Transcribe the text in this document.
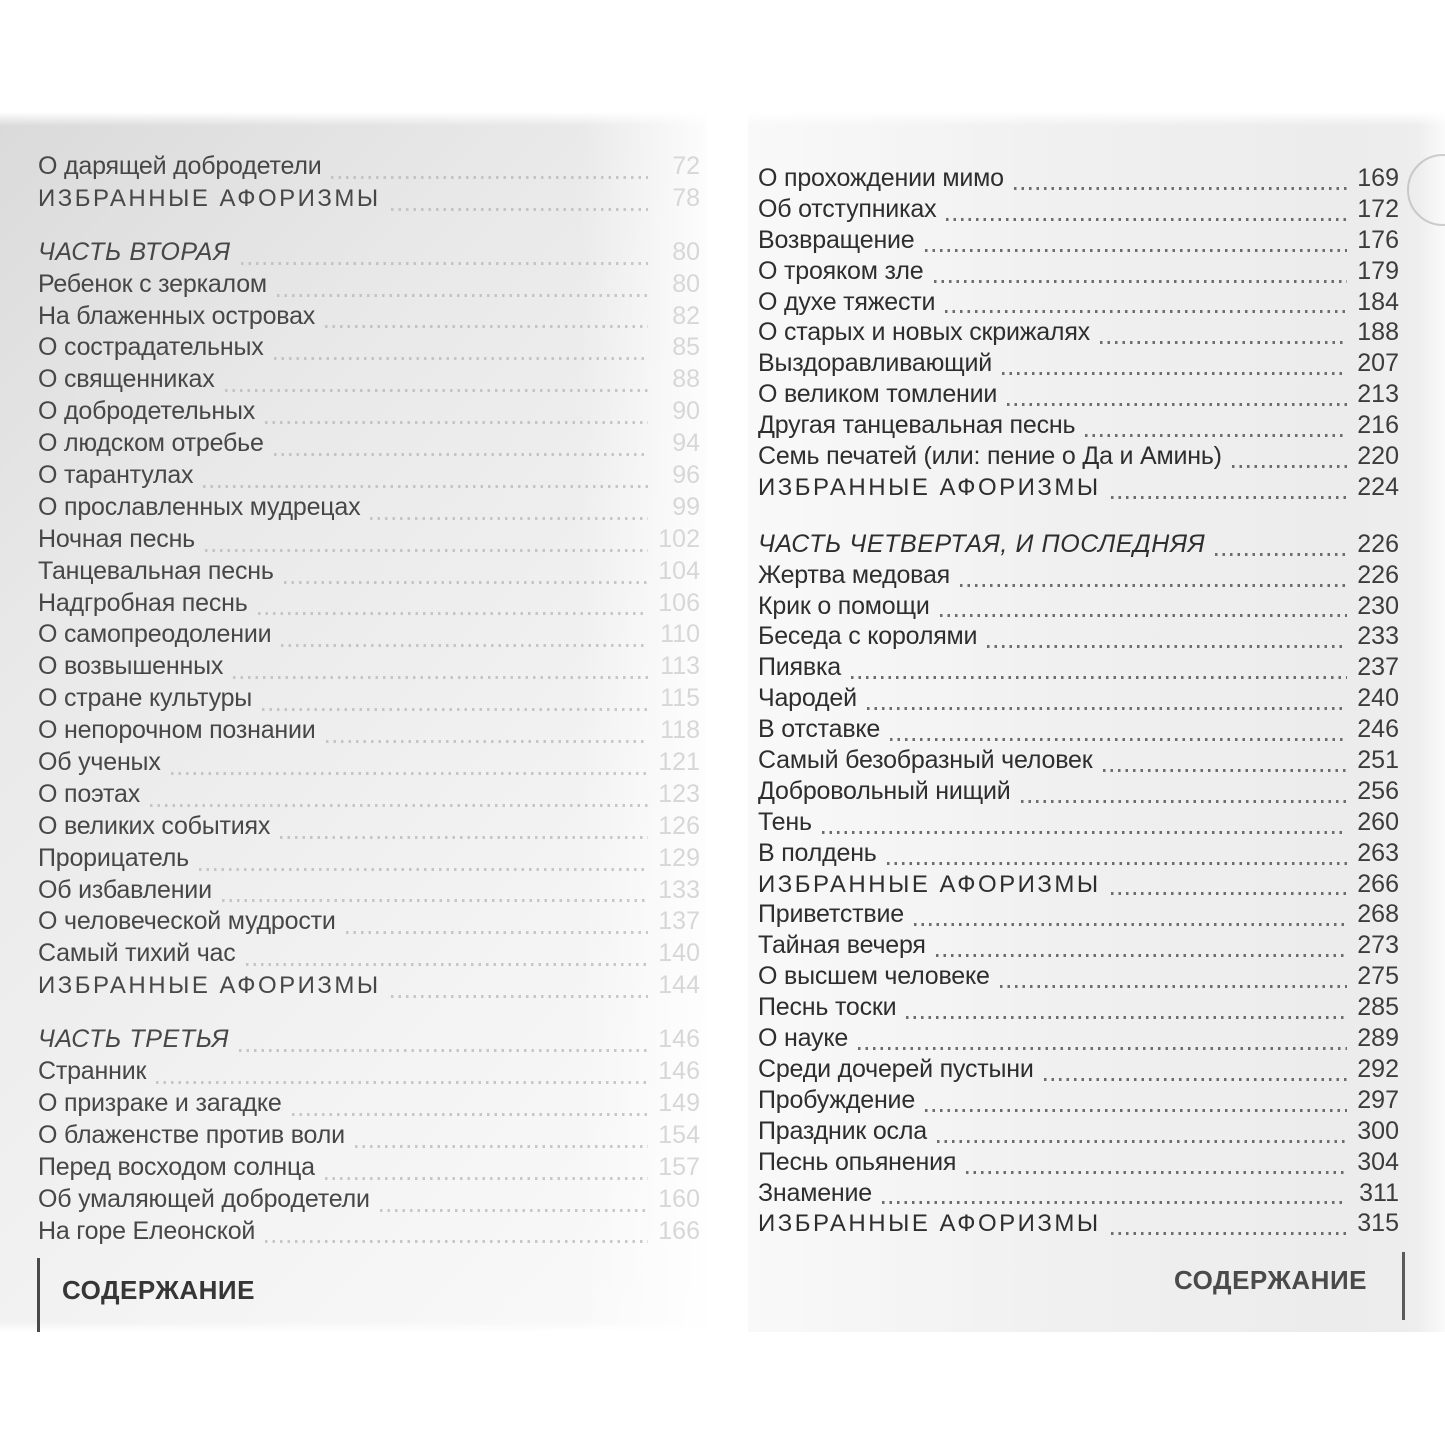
О дарящей добродетели	72
ИЗБРАННЫЕ АФОРИЗМЫ	78
ЧАСТЬ ВТОРАЯ	80
Ребенок с зеркалом	80
На блаженных островах	82
О сострадательных	85
О священниках	88
О добродетельных	90
О людском отребье	94
О тарантулах	96
О прославленных мудрецах	99
Ночная песнь	102
Танцевальная песнь	104
Надгробная песнь	106
О самопреодолении	110
О возвышенных	113
О стране культуры	115
О непорочном познании	118
Об ученых	121
О поэтах	123
О великих событиях	126
Прорицатель	129
Об избавлении	133
О человеческой мудрости	137
Самый тихий час	140
ИЗБРАННЫЕ АФОРИЗМЫ	144
ЧАСТЬ ТРЕТЬЯ	146
Странник	146
О призраке и загадке	149
О блаженстве против воли	154
Перед восходом солнца	157
Об умаляющей добродетели	160
На горе Елеонской	166
СОДЕРЖАНИЕ
О прохождении мимо	169
Об отступниках	172
Возвращение	176
О трояком зле	179
О духе тяжести	184
О старых и новых скрижалях	188
Выздоравливающий	207
О великом томлении	213
Другая танцевальная песнь	216
Семь печатей (или: пение о Да и Аминь)	220
ИЗБРАННЫЕ АФОРИЗМЫ	224
ЧАСТЬ ЧЕТВЕРТАЯ, И ПОСЛЕДНЯЯ	226
Жертва медовая	226
Крик о помощи	230
Беседа с королями	233
Пиявка	237
Чародей	240
В отставке	246
Самый безобразный человек	251
Добровольный нищий	256
Тень	260
В полдень	263
ИЗБРАННЫЕ АФОРИЗМЫ	266
Приветствие	268
Тайная вечеря	273
О высшем человеке	275
Песнь тоски	285
О науке	289
Среди дочерей пустыни	292
Пробуждение	297
Праздник осла	300
Песнь опьянения	304
Знамение	311
ИЗБРАННЫЕ АФОРИЗМЫ	315
СОДЕРЖАНИЕ
